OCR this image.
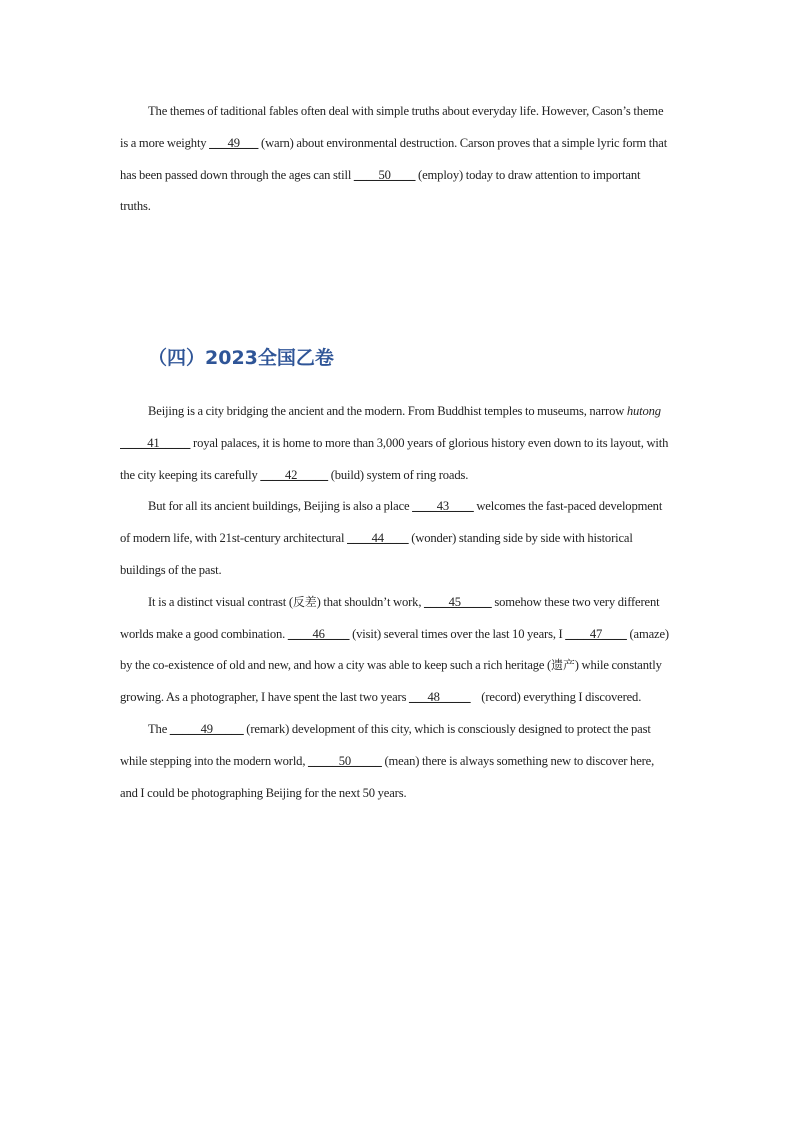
The themes of taditional fables often deal with simple truths about everyday life. However, Cason’s theme is a more weighty ___49___ (warn) about environmental destruction. Carson proves that a simple lyric form that has been passed down through the ages can still ____50____ (employ) today to draw attention to important truths.
（四）2023全国乙卷

Beijing is a city bridging the ancient and the modern. From Buddhist temples to museums, narrow hutong ____41_____ royal palaces, it is home to more than 3,000 years of glorious history even down to its layout, with the city keeping its carefully ____42_____ (build) system of ring roads.

But for all its ancient buildings, Beijing is also a place ____43____ welcomes the fast-paced development of modern life, with 21st-century architectural ____44____ (wonder) standing side by side with historical buildings of the past.

It is a distinct visual contrast (反差) that shouldn’t work, ____45_____ somehow these two very different worlds make a good combination. ____46____ (visit) several times over the last 10 years, I ____47____ (amaze) by the co-existence of old and new, and how a city was able to keep such a rich heritage (遗产) while constantly growing. As a photographer, I have spent the last two years ___48_____    (record) everything I discovered.

The _____49_____ (remark) development of this city, which is consciously designed to protect the past while stepping into the modern world, _____50_____ (mean) there is always something new to discover here, and I could be photographing Beijing for the next 50 years.
